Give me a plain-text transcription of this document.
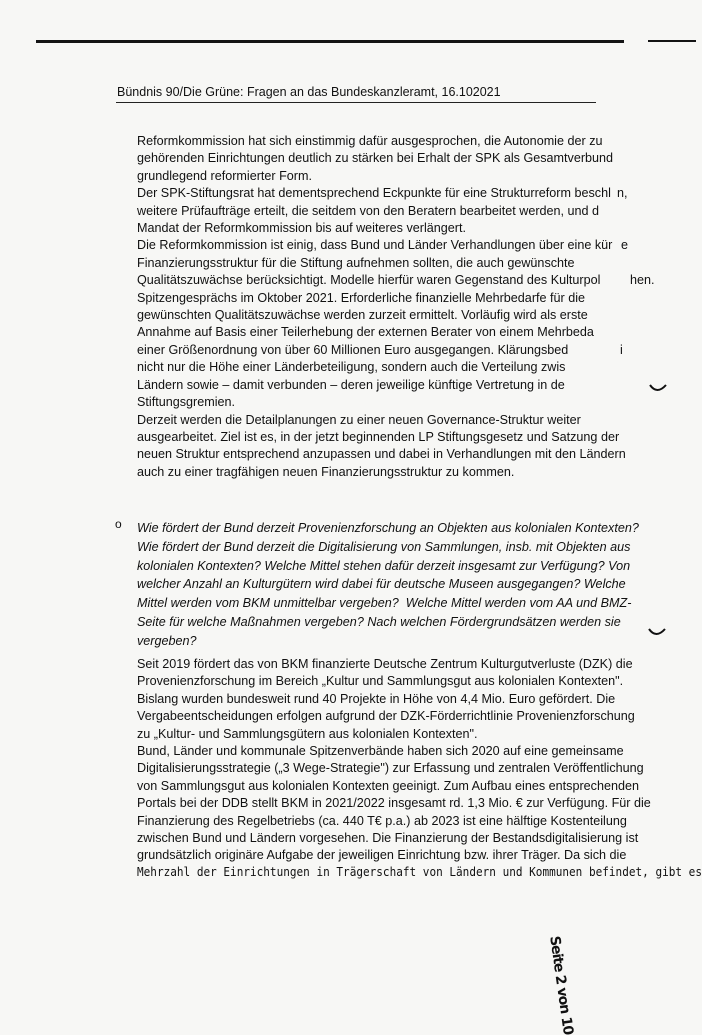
Bündnis 90/Die Grüne: Fragen an das Bundeskanzleramt, 16.102021
Reformkommission hat sich einstimmig dafür ausgesprochen, die Autonomie der zu
gehörenden Einrichtungen deutlich zu stärken bei Erhalt der SPK als Gesamtverbund
grundlegend reformierter Form.
Der SPK-Stiftungsrat hat dementsprechend Eckpunkte für eine Strukturreform beschl
weitere Prüfaufträge erteilt, die seitdem von den Beratern bearbeitet werden, und d
Mandat der Reformkommission bis auf weiteres verlängert.
Die Reformkommission ist einig, dass Bund und Länder Verhandlungen über eine kür
Finanzierungsstruktur für die Stiftung aufnehmen sollten, die auch gewünschte
Qualitätszuwächse berücksichtigt. Modelle hierfür waren Gegenstand des Kulturpol
Spitzengesprächs im Oktober 2021. Erforderliche finanzielle Mehrbedarfe für die
gewünschten Qualitätszuwächse werden zurzeit ermittelt. Vorläufig wird als erste
Annahme auf Basis einer Teilerhebung der externen Berater von einem Mehrbeda
einer Größenordnung von über 60 Millionen Euro ausgegangen. Klärungsbed
nicht nur die Höhe einer Länderbeteiligung, sondern auch die Verteilung zwis
Ländern sowie – damit verbunden – deren jeweilige künftige Vertretung in de
Stiftungsgremien.
Derzeit werden die Detailplanungen zu einer neuen Governance-Struktur weiter
ausgearbeitet. Ziel ist es, in der jetzt beginnenden LP Stiftungsgesetz und Satzung der
neuen Struktur entsprechend anzupassen und dabei in Verhandlungen mit den Ländern
auch zu einer tragfähigen neuen Finanzierungsstruktur zu kommen.
n,
e
hen.
i
o Wie fördert der Bund derzeit Provenienzforschung an Objekten aus kolonialen Kontexten?
Wie fördert der Bund derzeit die Digitalisierung von Sammlungen, insb. mit Objekten aus
kolonialen Kontexten? Welche Mittel stehen dafür derzeit insgesamt zur Verfügung? Von
welcher Anzahl an Kulturgütern wird dabei für deutsche Museen ausgegangen? Welche
Mittel werden vom BKM unmittelbar vergeben?  Welche Mittel werden vom AA und BMZ-
Seite für welche Maßnahmen vergeben? Nach welchen Fördergrundsätzen werden sie
vergeben?
Seit 2019 fördert das von BKM finanzierte Deutsche Zentrum Kulturgutverluste (DZK) die
Provenienzforschung im Bereich „Kultur und Sammlungsgut aus kolonialen Kontexten".
Bislang wurden bundesweit rund 40 Projekte in Höhe von 4,4 Mio. Euro gefördert. Die
Vergabeentscheidungen erfolgen aufgrund der DZK-Förderrichtlinie Provenienzforschung
zu „Kultur- und Sammlungsgütern aus kolonialen Kontexten".
Bund, Länder und kommunale Spitzenverbände haben sich 2020 auf eine gemeinsame
Digitalisierungsstrategie („3 Wege-Strategie") zur Erfassung und zentralen Veröffentlichung
von Sammlungsgut aus kolonialen Kontexten geeinigt. Zum Aufbau eines entsprechenden
Portals bei der DDB stellt BKM in 2021/2022 insgesamt rd. 1,3 Mio. € zur Verfügung. Für die
Finanzierung des Regelbetriebs (ca. 440 T€ p.a.) ab 2023 ist eine hälftige Kostenteilung
zwischen Bund und Ländern vorgesehen. Die Finanzierung der Bestandsdigitalisierung ist
grundsätzlich originäre Aufgabe der jeweiligen Einrichtung bzw. ihrer Träger. Da sich die
Mehrzahl der Einrichtungen in Trägerschaft von Ländern und Kommunen befindet, gibt es
Seite 2 von 10
